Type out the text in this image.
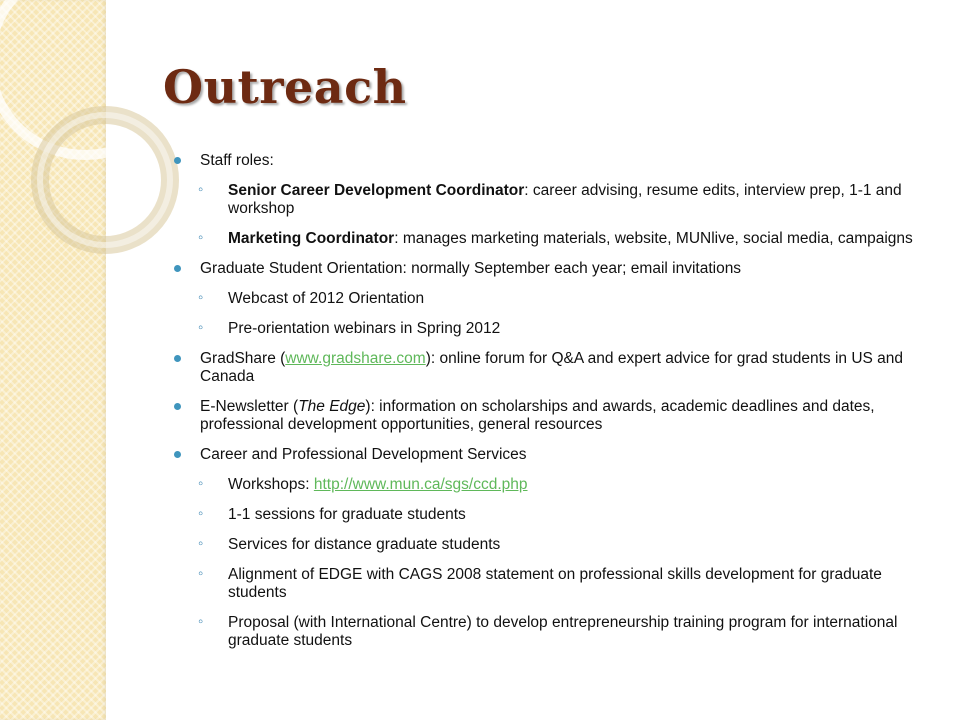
Outreach
Staff roles:
◦ Senior Career Development Coordinator: career advising, resume edits, interview prep, 1-1 and workshop
◦ Marketing Coordinator: manages marketing materials, website, MUNlive, social media, campaigns
Graduate Student Orientation: normally September each year; email invitations
◦ Webcast of 2012 Orientation
◦ Pre-orientation webinars in Spring 2012
GradShare (www.gradshare.com): online forum for Q&A and expert advice for grad students in US and Canada
E-Newsletter (The Edge): information on scholarships and awards, academic deadlines and dates, professional development opportunities, general resources
Career and Professional Development Services
◦ Workshops: http://www.mun.ca/sgs/ccd.php
◦ 1-1 sessions for graduate students
◦ Services for distance graduate students
◦ Alignment of EDGE with CAGS 2008 statement on professional skills development for graduate students
◦ Proposal (with International Centre) to develop entrepreneurship training program for international graduate students
